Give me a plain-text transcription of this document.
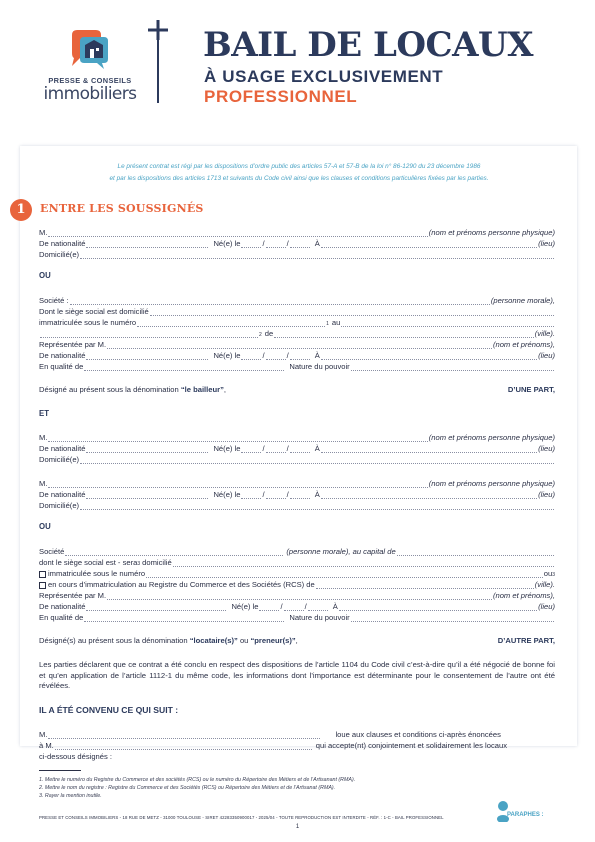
PRESSE & CONSEILS
immobiliers
BAIL DE LOCAUX
À USAGE EXCLUSIVEMENT
PROFESSIONNEL
Le présent contrat est régi par les dispositions d’ordre public des articles 57-A et 57-B de la loi n° 86-1290 du 23 décembre 1986
et par les dispositions des articles 1713 et suivants du Code civil ainsi que les clauses et conditions particulières fixées par les parties.
1	ENTRE LES SOUSSIGNÉS
M.	(nom et prénoms personne physique)
De nationalité	Né(e) le	/	/	À	(lieu)
Domicilié(e)
OU
Société :	(personne morale),
Dont le siège social est domicilié
immatriculée sous le numéro	1 au
2 de	(ville).
Représentée par M.	(nom et prénoms),
De nationalité	Né(e) le	/	/	À	(lieu)
En qualité de	Nature du pouvoir
Désigné au présent sous la dénomination “le bailleur”,	D’UNE PART,
ET
M.	(nom et prénoms personne physique)
De nationalité	Né(e) le	/	/	À	(lieu)
Domicilié(e)
M.	(nom et prénoms personne physique)
De nationalité	Né(e) le	/	/	À	(lieu)
Domicilié(e)
OU
Société	(personne morale), au capital de
dont le siège social est - sera$_3$ domicilié
immatriculée sous le numéro	$ou_3$
en cours d’immatriculation au Registre du Commerce et des Sociétés (RCS) de	(ville).
Représentée par M.	(nom et prénoms),
De nationalité	Né(e) le	/	/	À	(lieu)
En qualité de	Nature du pouvoir
Désigné(s) au présent sous la dénomination “locataire(s)” ou “preneur(s)”,	D’AUTRE PART,
Les parties déclarent que ce contrat a été conclu en respect des dispositions de l’article 1104 du Code civil c’est-à-dire qu’il a été négocié de bonne foi et qu’en application de l’article 1112-1 du même code, les informations dont l’importance est déterminante pour le consentement de l’autre ont été révélées.
IL A ÉTÉ CONVENU CE QUI SUIT :
M.	loue aux clauses et conditions ci-après énoncées
à M.	qui accepte(nt) conjointement et solidairement les locaux
ci-dessous désignés :
1. Mettre le numéro du Registre du Commerce et des sociétés (RCS) ou le numéro du Répertoire des Métiers et de l’Artisanant (RMA).
2. Mettre le nom du registre : Registre du Commerce et des Sociétés (RCS) ou Répertoire des Métiers et de l’Artisanat (RMA).
3. Rayer la mention inutile.
PRESSE ET CONSEILS IMMOBILIERS - 18 RUE DE METZ - 31000 TOULOUSE - SIRET 42283350900017 - 2025/04 - TOUTE REPRODUCTION EST INTERDITE - RÉF. : 1-C - BAIL PROFESSIONNEL	PARAPHES :
1
